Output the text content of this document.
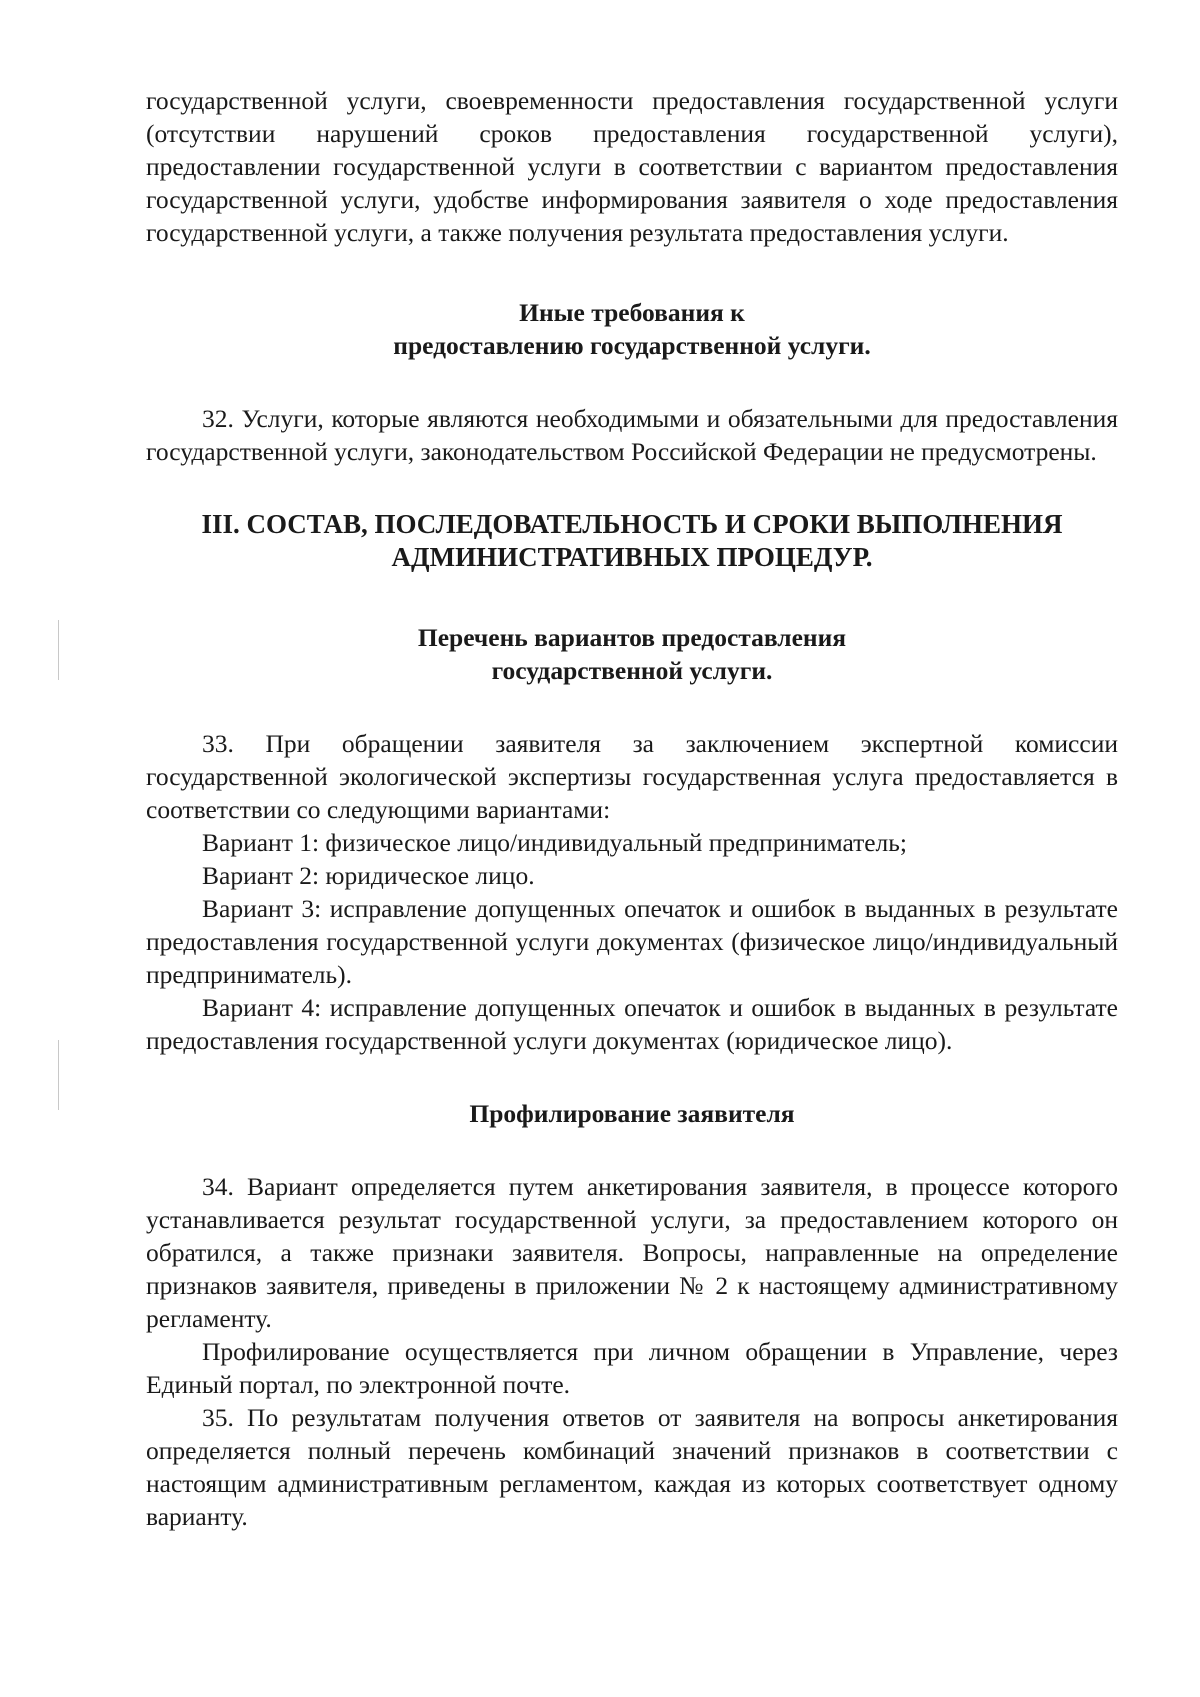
государственной услуги, своевременности предоставления государственной услуги (отсутствии нарушений сроков предоставления государственной услуги), предоставлении государственной услуги в соответствии с вариантом предоставления государственной услуги, удобстве информирования заявителя о ходе предоставления государственной услуги, а также получения результата предоставления услуги.

Иные требования к
предоставлению государственной услуги.

32. Услуги, которые являются необходимыми и обязательными для предоставления государственной услуги, законодательством Российской Федерации не предусмотрены.

III. СОСТАВ, ПОСЛЕДОВАТЕЛЬНОСТЬ И СРОКИ ВЫПОЛНЕНИЯ
АДМИНИСТРАТИВНЫХ ПРОЦЕДУР.
Перечень вариантов предоставления
государственной услуги.

33. При обращении заявителя за заключением экспертной комиссии государственной экологической экспертизы государственная услуга предоставляется в соответствии со следующими вариантами:

Вариант 1: физическое лицо/индивидуальный предприниматель;

Вариант 2: юридическое лицо.

Вариант 3: исправление допущенных опечаток и ошибок в выданных в результате предоставления государственной услуги документах (физическое лицо/индивидуальный предприниматель).

Вариант 4: исправление допущенных опечаток и ошибок в выданных в результате предоставления государственной услуги документах (юридическое лицо).

Профилирование заявителя

34. Вариант определяется путем анкетирования заявителя, в процессе которого устанавливается результат государственной услуги, за предоставлением которого он обратился, а также признаки заявителя. Вопросы, направленные на определение признаков заявителя, приведены в приложении № 2 к настоящему административному регламенту.

Профилирование осуществляется при личном обращении в Управление, через Единый портал, по электронной почте.

35. По результатам получения ответов от заявителя на вопросы анкетирования определяется полный перечень комбинаций значений признаков в соответствии с настоящим административным регламентом, каждая из которых соответствует одному варианту.
